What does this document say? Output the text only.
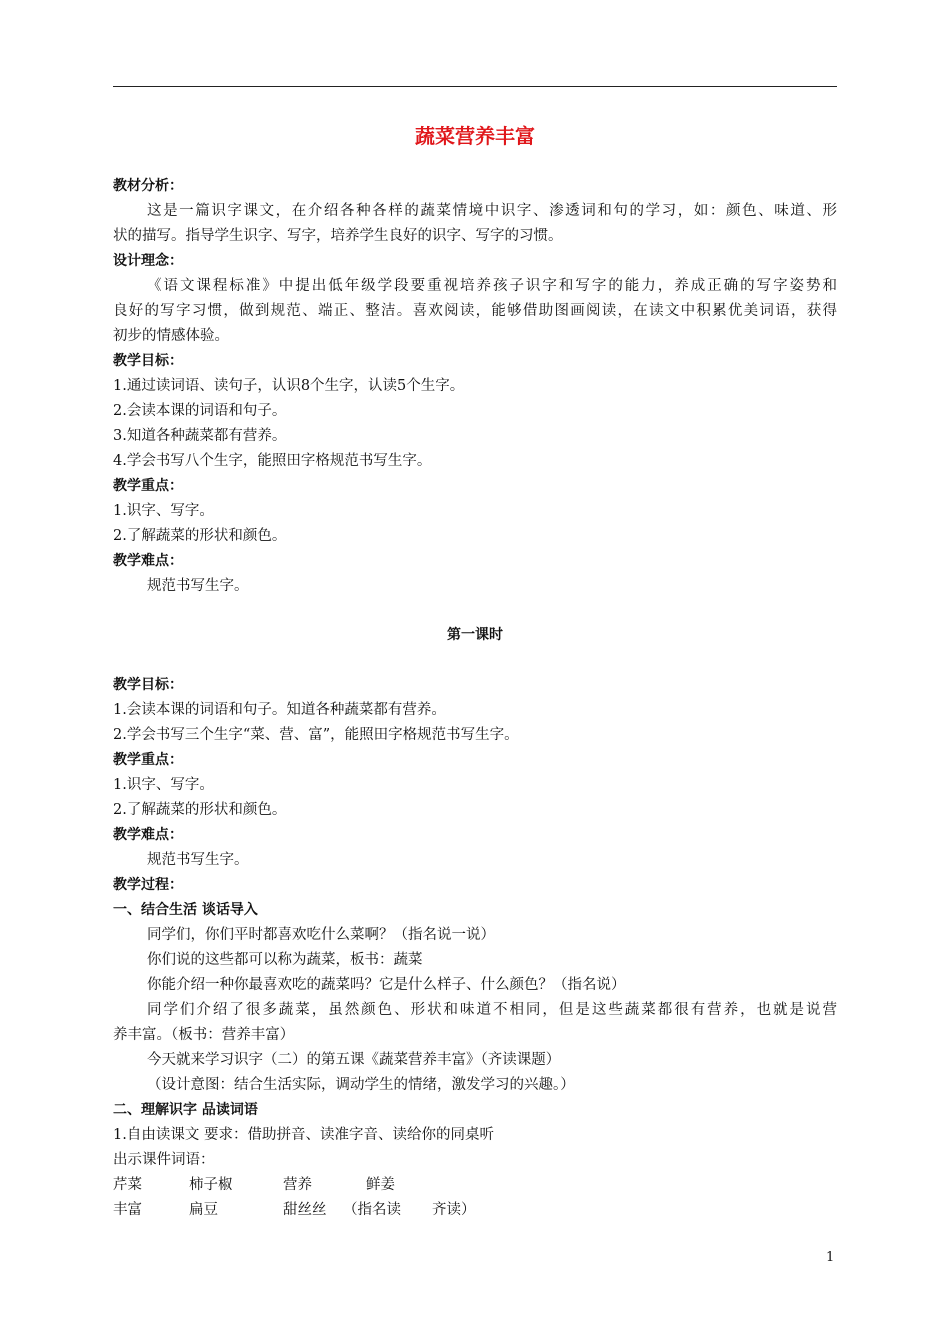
蔬菜营养丰富
教材分析：
这是一篇识字课文，在介绍各种各样的蔬菜情境中识字、渗透词和句的学习，如：颜色、味道、形
状的描写。指导学生识字、写字，培养学生良好的识字、写字的习惯。
设计理念：
《语文课程标准》中提出低年级学段要重视培养孩子识字和写字的能力，养成正确的写字姿势和
良好的写字习惯，做到规范、端正、整洁。喜欢阅读，能够借助图画阅读，在读文中积累优美词语，获得
初步的情感体验。
教学目标：
1.通过读词语、读句子，认识8个生字，认读5个生字。
2.会读本课的词语和句子。
3.知道各种蔬菜都有营养。
4.学会书写八个生字，能照田字格规范书写生字。
教学重点：
1.识字、写字。
2.了解蔬菜的形状和颜色。
教学难点：
规范书写生字。
第一课时
教学目标：
1.会读本课的词语和句子。知道各种蔬菜都有营养。
2.学会书写三个生字“菜、营、富”，能照田字格规范书写生字。
教学重点：
1.识字、写字。
2.了解蔬菜的形状和颜色。
教学难点：
规范书写生字。
教学过程：
一、结合生活 谈话导入
同学们，你们平时都喜欢吃什么菜啊？（指名说一说）
你们说的这些都可以称为蔬菜，板书：蔬菜
你能介绍一种你最喜欢吃的蔬菜吗？它是什么样子、什么颜色？（指名说）
同学们介绍了很多蔬菜，虽然颜色、形状和味道不相同，但是这些蔬菜都很有营养，也就是说营
养丰富。（板书：营养丰富）
今天就来学习识字（二）的第五课《蔬菜营养丰富》（齐读课题）
（设计意图：结合生活实际，调动学生的情绪，激发学习的兴趣。）
二、理解识字 品读词语
1.自由读课文 要求：借助拼音、读准字音、读给你的同桌听
出示课件词语：
芹菜	柿子椒	营养	鲜姜
丰富	扁豆	甜丝丝 （指名读 齐读）
1
